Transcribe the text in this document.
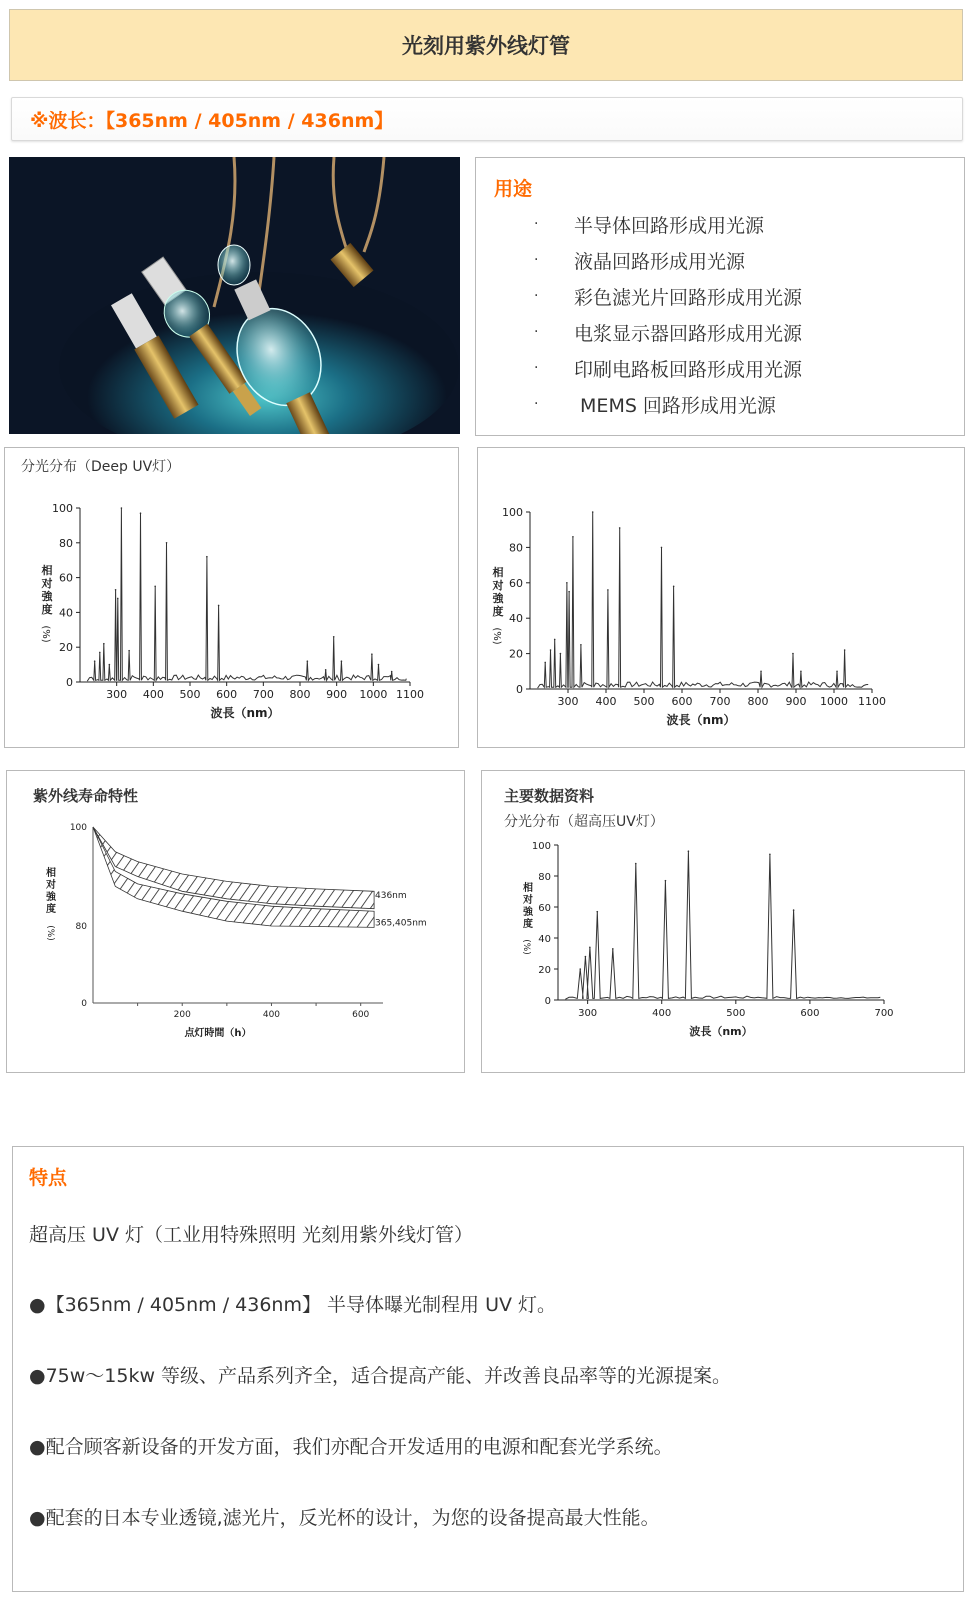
光刻用紫外线灯管
※波长：【365nm / 405nm / 436nm】
用途
·	半导体回路形成用光源
·	液晶回路形成用光源
·	彩色滤光片回路形成用光源
·	电浆显示器回路形成用光源
·	印刷电路板回路形成用光源
·	MEMS 回路形成用光源
分光分布（Deep UV灯）
0
20
40
60
80
100
300 400 500 600 700 800 900 1000 1100
波長（nm）
相
对
強
度
(%)
0
20
40
60
80
100
300 400 500 600 700 800 900 1000 1100
波長（nm）
相
对
強
度
(%)
紫外线寿命特性
0
80
100
200	400	600
436nm
365,405nm
点灯時間（h）
相
对
強
度
(%)
主要数据资料
分光分布（超高压UV灯）
0
20
40
60
80
100
300	400	500	600	700
波長（nm）
相
对
強
度
(%)
特点
超高压 UV 灯（工业用特殊照明 光刻用紫外线灯管）
●【365nm / 405nm / 436nm】 半导体曝光制程用 UV 灯。
●75w～15kw 等级、产品系列齐全，适合提高产能、并改善良品率等的光源提案。
●配合顾客新设备的开发方面，我们亦配合开发适用的电源和配套光学系统。
●配套的日本专业透镜,滤光片，反光杯的设计，为您的设备提高最大性能。
